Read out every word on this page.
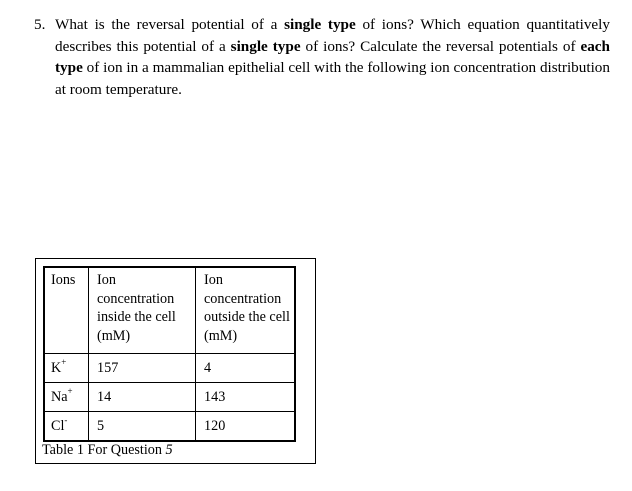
5. What is the reversal potential of a single type of ions? Which equation quantitatively describes this potential of a single type of ions? Calculate the reversal potentials of each type of ion in a mammalian epithelial cell with the following ion concentration distribution at room temperature.
Ions	Ion concentration inside the cell (mM)	Ion concentration outside the cell (mM)
K+	157	4
Na+	14	143
Cl-	5	120
Table 1 For Question 5
